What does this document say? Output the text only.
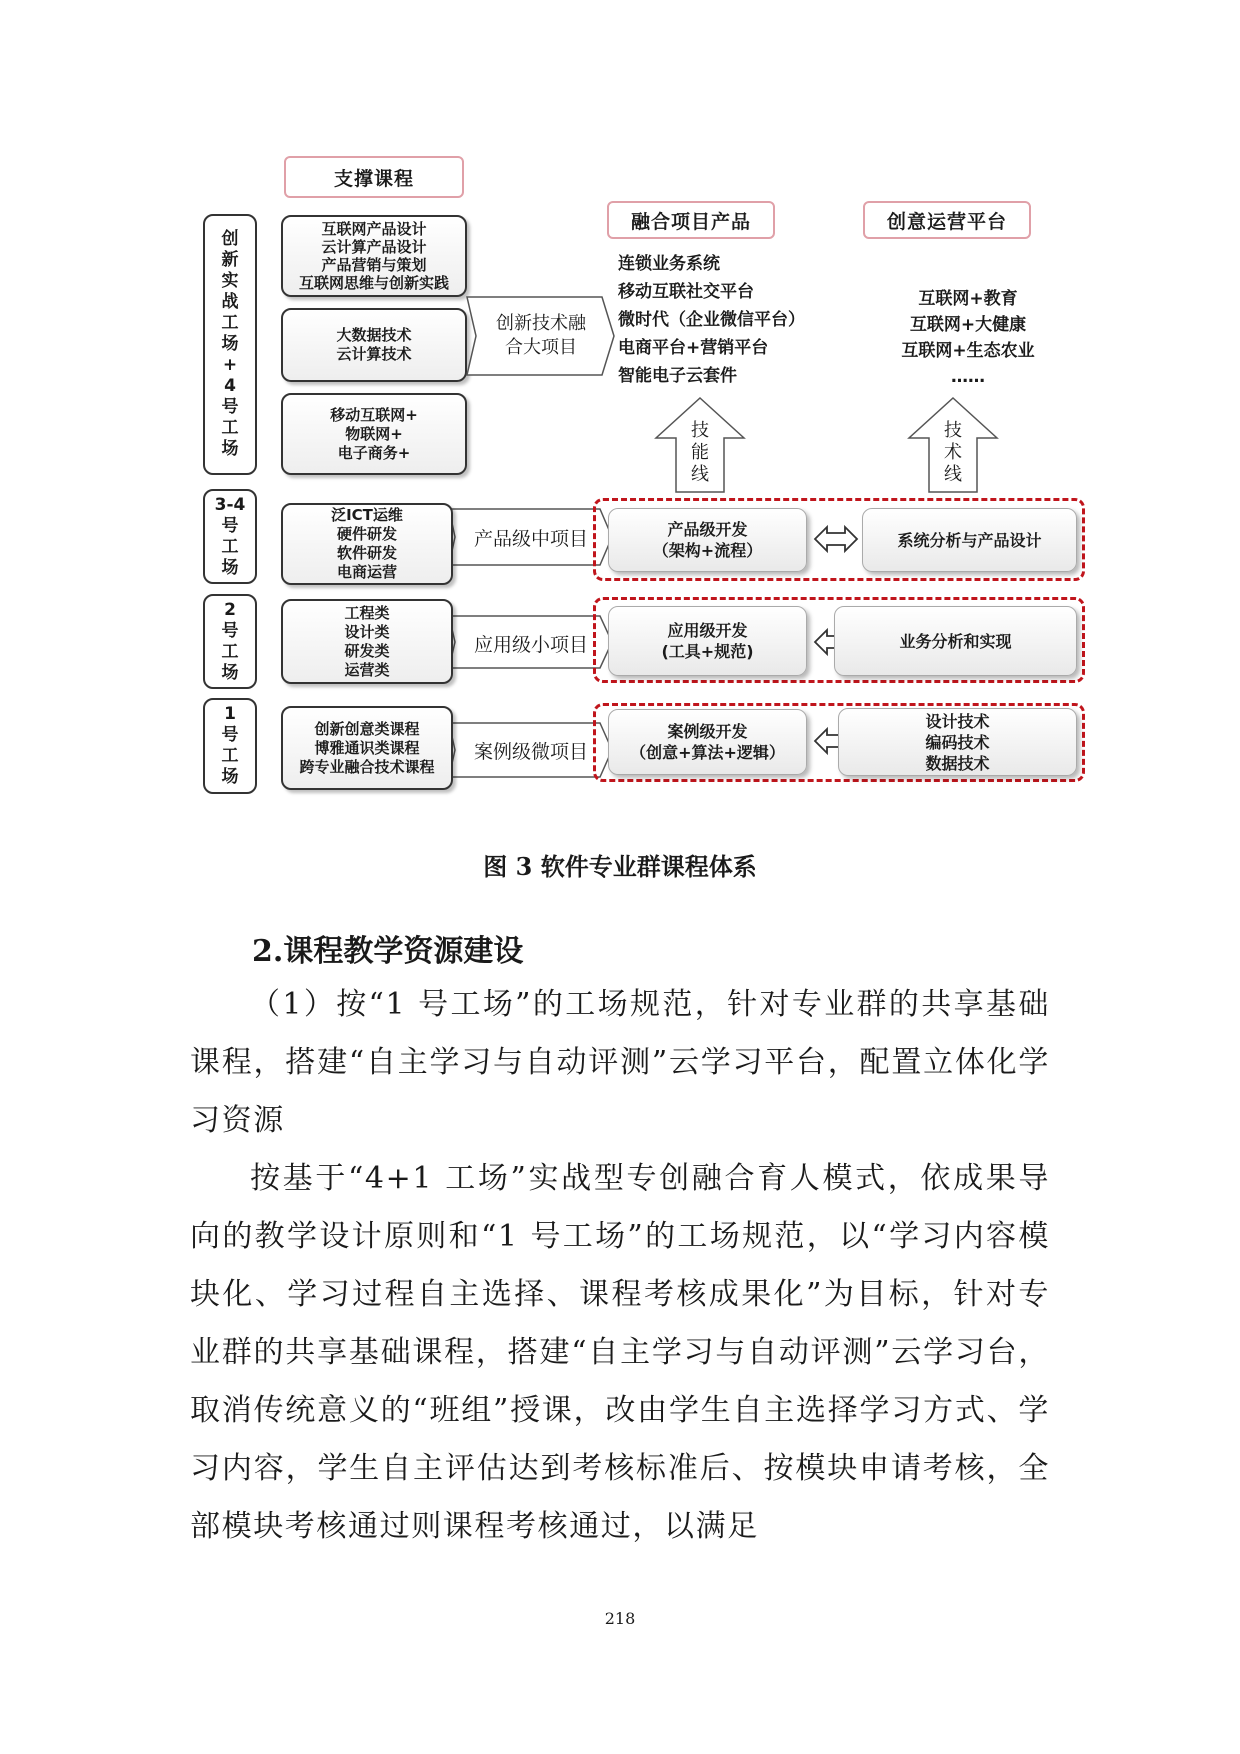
支撑课程
融合项目产品	创意运营平台
创
新
实
战
工
场
+
4
号
工
场
互联网产品设计
云计算产品设计
产品营销与策划
互联网思维与创新实践
大数据技术
云计算技术
移动互联网+
物联网+
电子商务+
连锁业务系统
移动互联社交平台
微时代（企业微信平台）
电商平台+营销平台
智能电子云套件
互联网+教育
互联网+大健康
互联网+生态农业
……
创新技术融
合大项目
技
能
线
技
术
线
3-4
号
工
场
泛ICT运维
硬件研发
软件研发
电商运营
产品级中项目	产品级开发
（架构+流程）
系统分析与产品设计
2
号
工
场
工程类
设计类
研发类
运营类
应用级小项目
应用级开发
(工具+规范)
业务分析和实现
1
号
工
场
创新创意类课程
博雅通识类课程
跨专业融合技术课程
案例级微项目
案例级开发
（创意+算法+逻辑）
设计技术
编码技术
数据技术
图 3 软件专业群课程体系
2.课程教学资源建设

（1）按“1 号工场”的工场规范，针对专业群的共享基础课程，搭建“自主学习与自动评测”云学习平台，配置立体化学习资源

按基于“4+1 工场”实战型专创融合育人模式，依成果导向的教学设计原则和“1 号工场”的工场规范，以“学习内容模块化、学习过程自主选择、课程考核成果化”为目标，针对专业群的共享基础课程，搭建“自主学习与自动评测”云学习台，取消传统意义的“班组”授课，改由学生自主选择学习方式、学习内容，学生自主评估达到考核标准后、按模块申请考核，全部模块考核通过则课程考核通过，以满足

218
